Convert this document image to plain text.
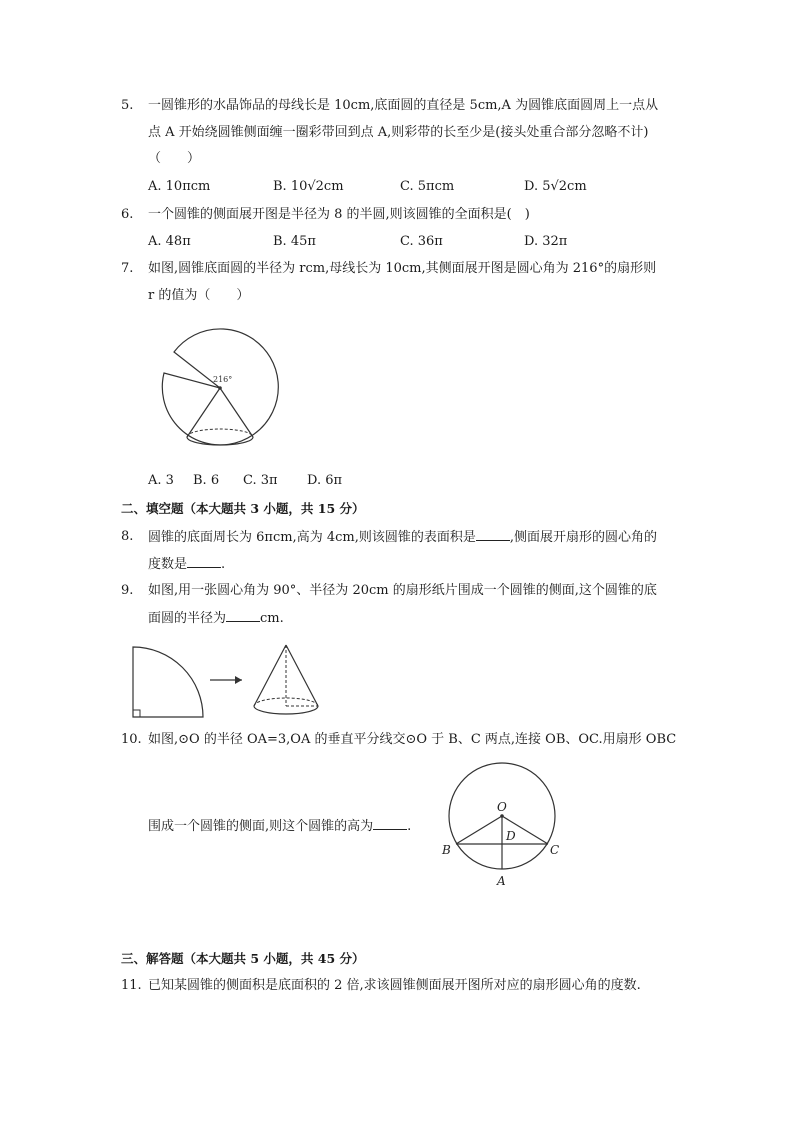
5. 一圆锥形的水晶饰品的母线长是 10cm,底面圆的直径是 5cm,A 为圆锥底面圆周上一点从
点 A 开始绕圆锥侧面缠一圈彩带回到点 A,则彩带的长至少是(接头处重合部分忽略不计)
（　　）
A. 10πcm	B. 10√2cm	C. 5πcm	D. 5√2cm
6. 一个圆锥的侧面展开图是半径为 8 的半圆,则该圆锥的全面积是(　)
A. 48π	B. 45π	C. 36π	D. 32π
7. 如图,圆锥底面圆的半径为 rcm,母线长为 10cm,其侧面展开图是圆心角为 216°的扇形则
r 的值为（　　）
216°
A. 3 B. 6 C. 3π D. 6π
二、填空题（本大题共 3 小题，共 15 分）
8. 圆锥的底面周长为 6πcm,高为 4cm,则该圆锥的表面积是	,侧面展开扇形的圆心角的
度数是	.
9. 如图,用一张圆心角为 90°、半径为 20cm 的扇形纸片围成一个圆锥的侧面,这个圆锥的底
面圆的半径为	cm.
10. 如图,⊙O 的半径 OA=3,OA 的垂直平分线交⊙O 于 B、C 两点,连接 OB、OC.用扇形 OBC
围成一个圆锥的侧面,则这个圆锥的高为	.
O
D
B	C
A
三、解答题（本大题共 5 小题，共 45 分）
11. 已知某圆锥的侧面积是底面积的 2 倍,求该圆锥侧面展开图所对应的扇形圆心角的度数.
